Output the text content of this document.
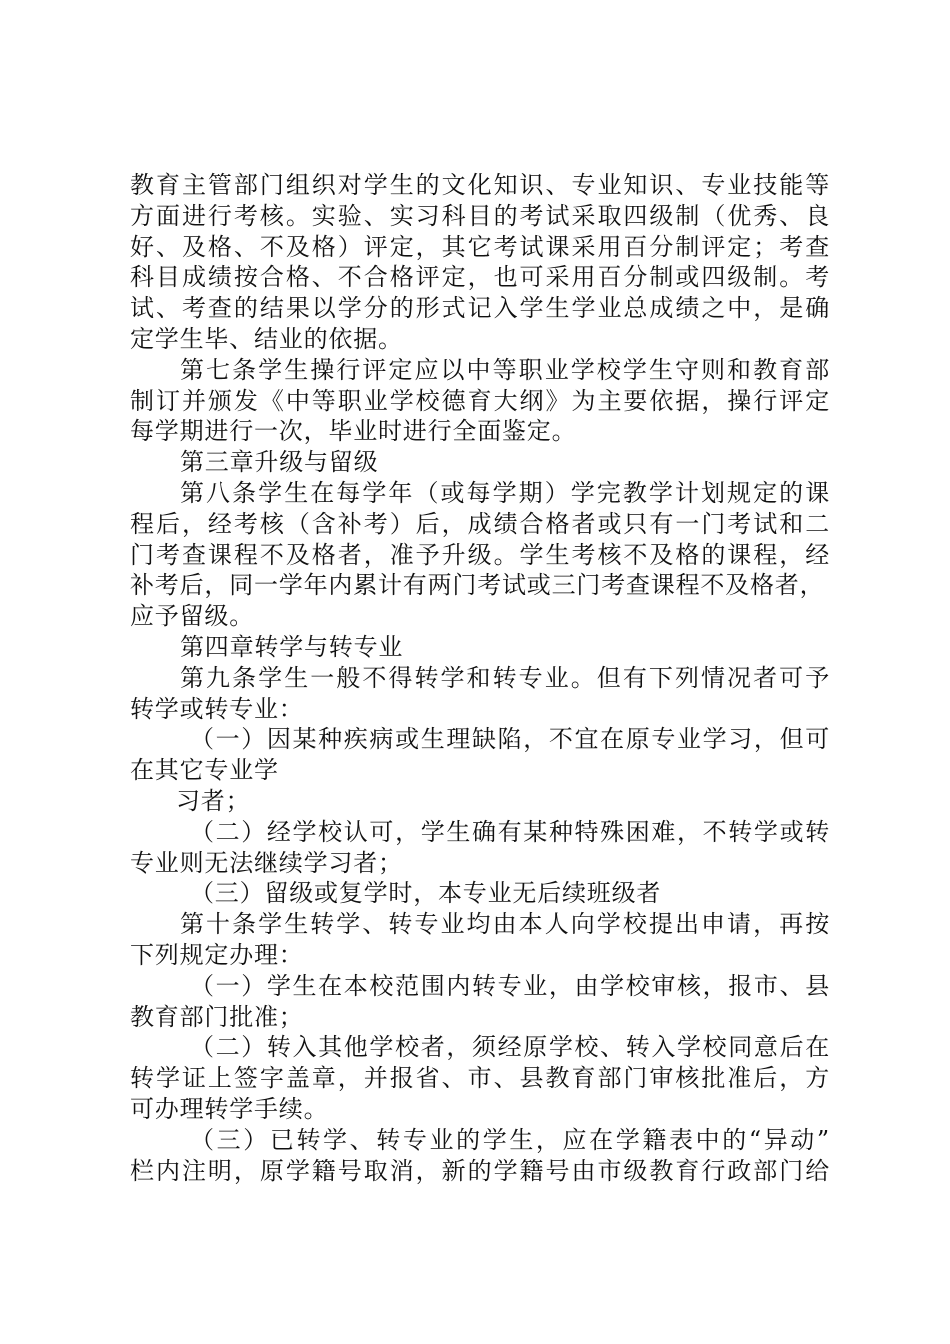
教育主管部门组织对学生的文化知识、专业知识、专业技能等
方面进行考核。实验、实习科目的考试采取四级制（优秀、良
好、及格、不及格）评定，其它考试课采用百分制评定；考查
科目成绩按合格、不合格评定，也可采用百分制或四级制。考
试、考查的结果以学分的形式记入学生学业总成绩之中，是确
定学生毕、结业的依据。
第七条学生操行评定应以中等职业学校学生守则和教育部
制订并颁发《中等职业学校德育大纲》为主要依据，操行评定
每学期进行一次，毕业时进行全面鉴定。
第三章升级与留级
第八条学生在每学年（或每学期）学完教学计划规定的课
程后，经考核（含补考）后，成绩合格者或只有一门考试和二
门考查课程不及格者，准予升级。学生考核不及格的课程，经
补考后，同一学年内累计有两门考试或三门考查课程不及格者，
应予留级。
第四章转学与转专业
第九条学生一般不得转学和转专业。但有下列情况者可予
转学或转专业：
（一）因某种疾病或生理缺陷，不宜在原专业学习，但可
在其它专业学
习者；
（二）经学校认可，学生确有某种特殊困难，不转学或转
专业则无法继续学习者；
（三）留级或复学时，本专业无后续班级者
第十条学生转学、转专业均由本人向学校提出申请，再按
下列规定办理：
（一）学生在本校范围内转专业，由学校审核，报市、县
教育部门批准；
（二）转入其他学校者，须经原学校、转入学校同意后在
转学证上签字盖章，并报省、市、县教育部门审核批准后，方
可办理转学手续。
（三）已转学、转专业的学生，应在学籍表中的“异动”
栏内注明，原学籍号取消，新的学籍号由市级教育行政部门给
